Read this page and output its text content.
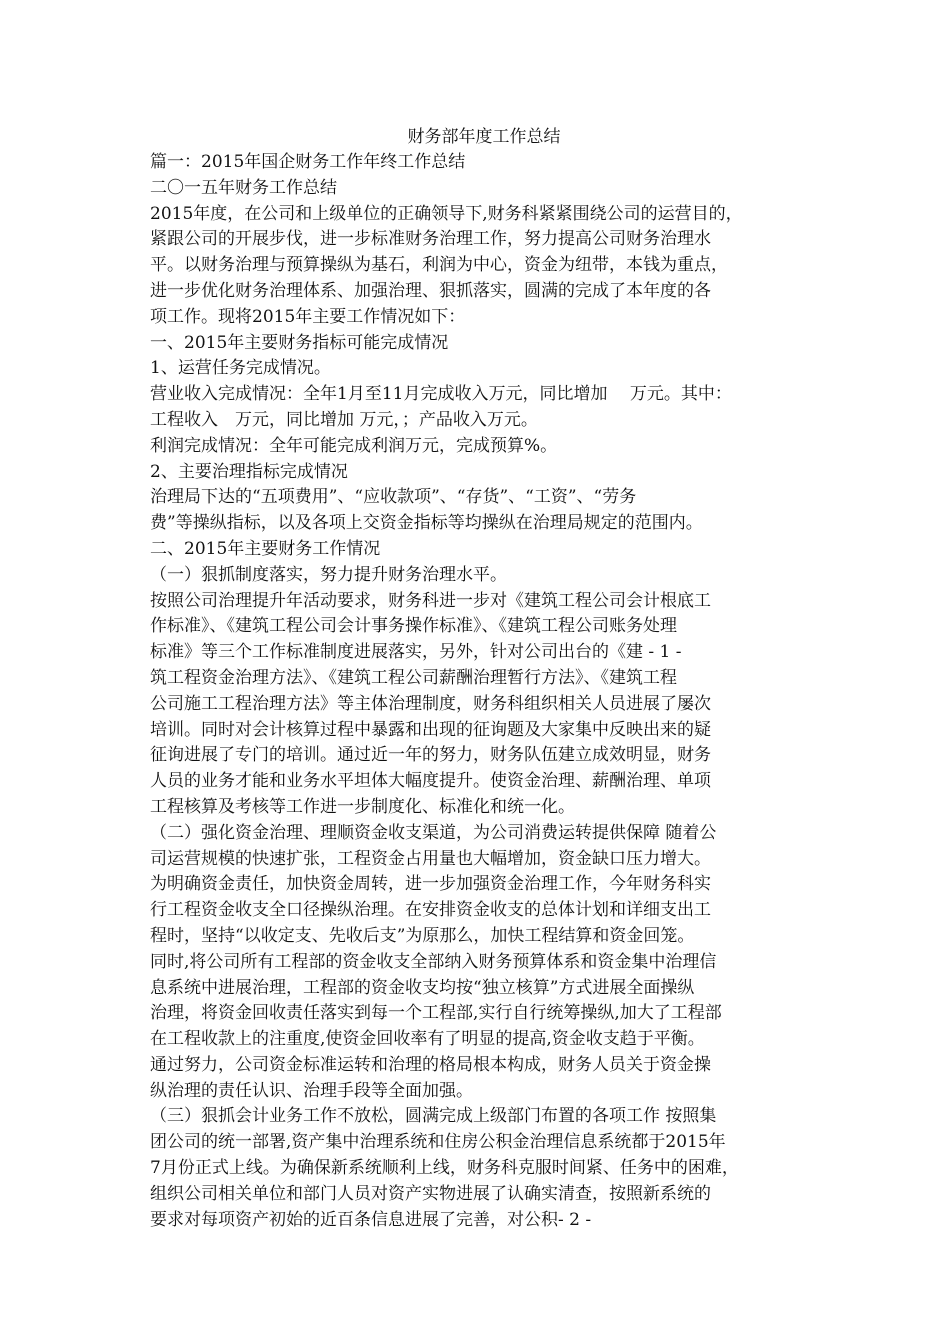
财务部年度工作总结
篇一：2015年国企财务工作年终工作总结
二〇一五年财务工作总结
2015年度，在公司和上级单位的正确领导下,财务科紧紧围绕公司的运营目的，
紧跟公司的开展步伐，进一步标准财务治理工作，努力提高公司财务治理水
平。以财务治理与预算操纵为基石，利润为中心，资金为纽带，本钱为重点，
进一步优化财务治理体系、加强治理、狠抓落实，圆满的完成了本年度的各
项工作。现将2015年主要工作情况如下：
一、2015年主要财务指标可能完成情况
1、运营任务完成情况。
营业收入完成情况：全年1月至11月完成收入万元，同比增加　 万元。其中：
工程收入　万元，同比增加 万元，；产品收入万元。
利润完成情况：全年可能完成利润万元，完成预算%。
2、主要治理指标完成情况
治理局下达的“五项费用”、“应收款项”、“存货”、“工资”、“劳务
费”等操纵指标，以及各项上交资金指标等均操纵在治理局规定的范围内。
二、2015年主要财务工作情况
（一）狠抓制度落实，努力提升财务治理水平。
按照公司治理提升年活动要求，财务科进一步对《建筑工程公司会计根底工
作标准》、《建筑工程公司会计事务操作标准》、《建筑工程公司账务处理
标准》等三个工作标准制度进展落实，另外，针对公司出台的《建 - 1 -
筑工程资金治理方法》、《建筑工程公司薪酬治理暂行方法》、《建筑工程
公司施工工程治理方法》等主体治理制度，财务科组织相关人员进展了屡次
培训。同时对会计核算过程中暴露和出现的征询题及大家集中反映出来的疑
征询进展了专门的培训。通过近一年的努力，财务队伍建立成效明显，财务
人员的业务才能和业务水平坦体大幅度提升。使资金治理、薪酬治理、单项
工程核算及考核等工作进一步制度化、标准化和统一化。
（二）强化资金治理、理顺资金收支渠道，为公司消费运转提供保障 随着公
司运营规模的快速扩张，工程资金占用量也大幅增加，资金缺口压力增大。
为明确资金责任，加快资金周转，进一步加强资金治理工作，今年财务科实
行工程资金收支全口径操纵治理。在安排资金收支的总体计划和详细支出工
程时，坚持“以收定支、先收后支”为原那么，加快工程结算和资金回笼。
同时,将公司所有工程部的资金收支全部纳入财务预算体系和资金集中治理信
息系统中进展治理，工程部的资金收支均按“独立核算”方式进展全面操纵
治理，将资金回收责任落实到每一个工程部,实行自行统筹操纵,加大了工程部
在工程收款上的注重度,使资金回收率有了明显的提高,资金收支趋于平衡。
通过努力，公司资金标准运转和治理的格局根本构成，财务人员关于资金操
纵治理的责任认识、治理手段等全面加强。
（三）狠抓会计业务工作不放松，圆满完成上级部门布置的各项工作 按照集
团公司的统一部署,资产集中治理系统和住房公积金治理信息系统都于2015年
7月份正式上线。为确保新系统顺利上线，财务科克服时间紧、任务中的困难，
组织公司相关单位和部门人员对资产实物进展了认确实清查，按照新系统的
要求对每项资产初始的近百条信息进展了完善，对公积- 2 -
